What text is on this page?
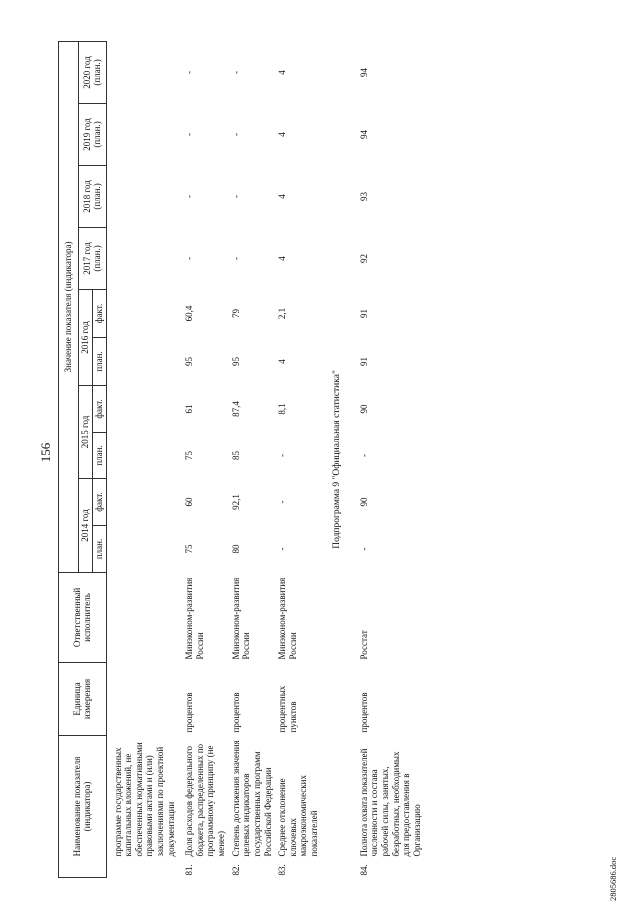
156
Наименование показателя (индикатора)		Единица измерения	Ответственный исполнитель	Значение показателя (индикатора)									
				2014 год		2015 год		2016 год		2017 год (план.)	2018 год (план.)	2019 год (план.)	2020 год (план.)
				план.	факт.	план.	факт.	план.	факт.				
	программе государственных капитальных вложений, не обеспеченных нормативными правовыми актами и (или) заключениями по проектной документации												
81.	Доля расходов федерального бюджета, распределенных по программному принципу (не менее)	процентов	Минэконом-развития России	75	60	75	61	95	60,4	-	-	-	-
82.	Степень достижения значения целевых индикаторов государственных программ Российской Федерации	процентов	Минэконом-развития России	80	92,1	85	87,4	95	79	-	-	-	-
83.	Среднее отклонение ключевых макроэкономических показателей	процентных пунктов	Минэконом-развития России	-	-	-	8,1	4	2,1	4	4	4	4
Подпрограмма 9 "Официальная статистика"													
84.	Полнота охвата показателей численности и состава рабочей силы, занятых, безработных, необходимых для предоставления в Организацию	процентов	Росстат	-	90	-	90	91	91	92	93	94	94
2805686.doc
